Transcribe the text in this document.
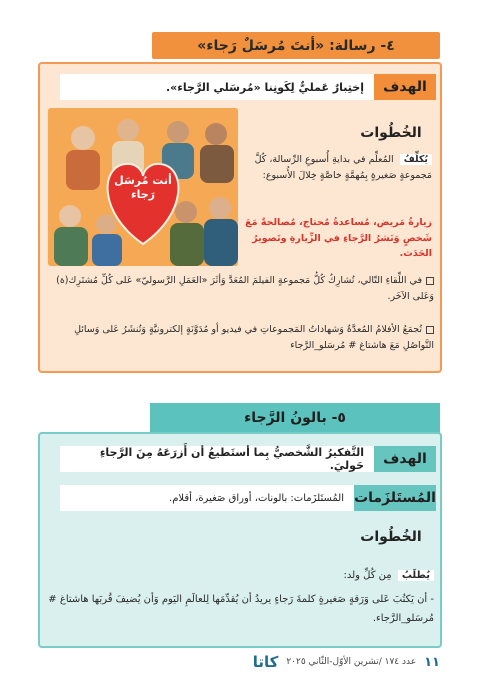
٤- رسالة: «أنتَ مُرسَلٌ رَجاء»
الهدف
إختِبارٌ عَمليٌّ لِكَونِنا «مُرسَلي الرَّجاء».
الخُطُوات
أنت مُرسَل رَجاء
يُكلِّفُ المُعلِّم في بدايةِ أُسبوعِ الرِّسالة، كُلَّ مَجموعةٍ صَغيرةٍ بِمُهمَّةٍ خاصَّةٍ خِلالَ الأُسبوع:
زيارةُ مَريض، مُساعدةُ مُحتاج، مُصالحةٌ مَعَ شَخصٍ وَنَشرُ الرَّجاءِ في الزِّيارةِ وتَصويرُ الحَدَث.
في اللِّقاءِ التّالي، تُشارِكُ كُلُّ مَجموعةٍ الفيلمَ المُعَدَّ وَأثَرَ «العَمَلِ الرَّسوليّ» عَلى كُلِّ مُشتَرِك(ة) وَعَلى الآخَر.
تُجمَعُ الأفلامُ المُعدَّةُ وَشهاداتُ المَجموعاتِ في فيديو أو مُدَوَّنَةٍ إلكترونيَّةٍ وَتُنشَرُ عَلى وَسائلِ التَّواصُلِ مَعَ هاشتاغ # مُرسَلو_الرَّجاء
٥- بالونُ الرَّجاء
الهدف
التَّفكيرُ الشَّخصيُّ بِما أستَطيعُ أن أَزرَعَهُ مِنَ الرَّجاءِ حَوليَ.
المُستَلزَمات
المُستَلزَمات: بالونات، أوراق صَغيرة، أقلام.
الخُطُوات
يُطلَبُ مِن كُلِّ ولد:
- أن يَكتُبَ عَلى وَرَقةٍ صَغيرةٍ كلمةَ رَجاءٍ يريدُ أن يُقدِّمَها لِلعالَمِ اليَوم وَأن يُضيفَ قُربَها هاشتاغ # مُرسَلو_الرَّجاء.
١١
عدد ١٧٤ /تشرين الأوّل-الثّاني ٢٠٢٥
كاتا
